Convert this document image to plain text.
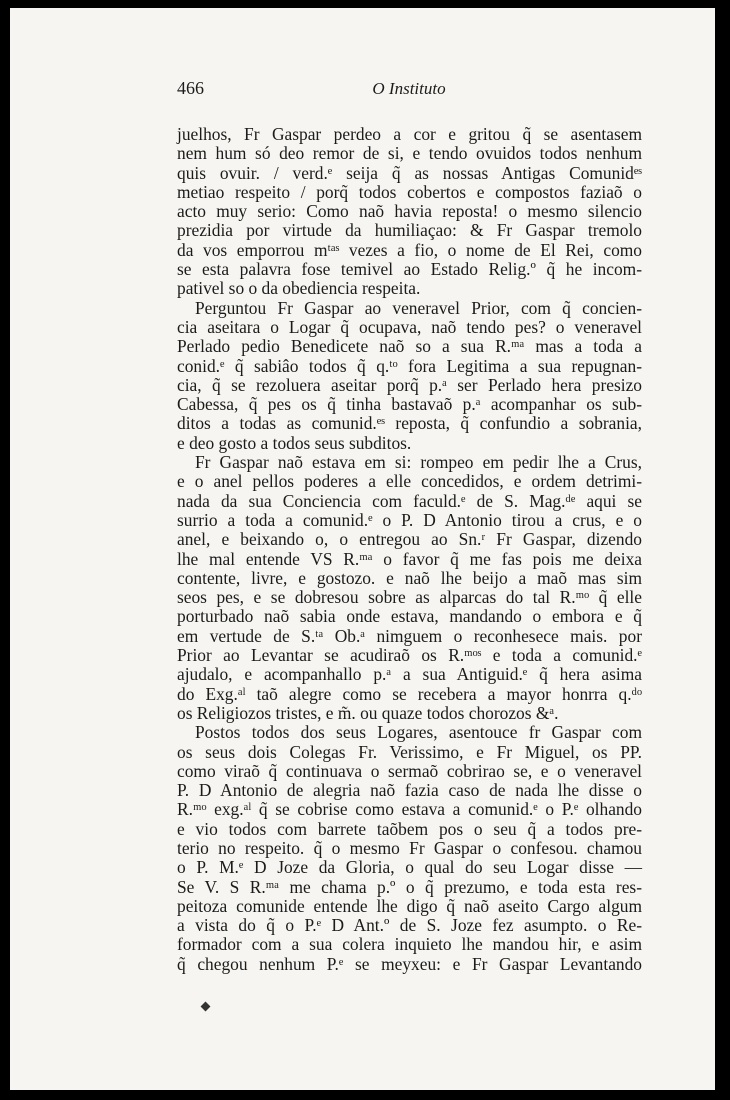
466	O Instituto
juelhos, Fr Gaspar perdeo a cor e gritou q̃ se asentasem
nem hum só deo remor de si, e tendo ovuidos todos nenhum
quis ovuir. / verd.ᵉ seija q̃ as nossas Antigas Comunidᵉˢ
metiao respeito / porq̃ todos cobertos e compostos faziaõ o
acto muy serio: Como naõ havia reposta! o mesmo silencio
prezidia por virtude da humiliaçao: & Fr Gaspar tremolo
da vos emporrou mᵗᵃˢ vezes a fio, o nome de El Rei, como
se esta palavra fose temivel ao Estado Relig.º q̃ he incom-
pativel so o da obediencia respeita.
Perguntou Fr Gaspar ao veneravel Prior, com q̃ concien-
cia aseitara o Logar q̃ ocupava, naõ tendo pes? o veneravel
Perlado pedio Benedicete naõ so a sua R.ᵐᵃ mas a toda a
conid.ᵉ q̃ sabiâo todos q̃ q.ᵗᵒ fora Legitima a sua repugnan-
cia, q̃ se rezoluera aseitar porq̃ p.ᵃ ser Perlado hera presizo
Cabessa, q̃ pes os q̃ tinha bastavaõ p.ᵃ acompanhar os sub-
ditos a todas as comunid.ᵉˢ reposta, q̃ confundio a sobrania,
e deo gosto a todos seus subditos.
Fr Gaspar naõ estava em si: rompeo em pedir lhe a Crus,
e o anel pellos poderes a elle concedidos, e ordem detrimi-
nada da sua Conciencia com faculd.ᵉ de S. Mag.ᵈᵉ aqui se
surrio a toda a comunid.ᵉ o P. D Antonio tirou a crus, e o
anel, e beixando o, o entregou ao Sn.ʳ Fr Gaspar, dizendo
lhe mal entende VS R.ᵐᵃ o favor q̃ me fas pois me deixa
contente, livre, e gostozo. e naõ lhe beijo a maõ mas sim
seos pes, e se dobresou sobre as alparcas do tal R.ᵐᵒ q̃ elle
porturbado naõ sabia onde estava, mandando o embora e q̃
em vertude de S.ᵗᵃ Ob.ᵃ nimguem o reconhesece mais. por
Prior ao Levantar se acudirаõ os R.ᵐᵒˢ e toda a comunid.ᵉ
ajudalo, e acompanhallo p.ᵃ a sua Antiguid.ᵉ q̃ hera asima
do Exg.ᵃˡ taõ alegre como se recebera a mayor honrra q.ᵈᵒ
os Religiozos tristes, e m̃. ou quaze todos chorozos &ᵃ.
Postos todos dos seus Logares, asentouce fr Gaspar com
os seus dois Colegas Fr. Verissimo, e Fr Miguel, os PP.
como viraõ q̃ continuava o sermaõ cobrirao se, e o veneravel
P. D Antonio de alegria naõ fazia caso de nada lhe disse o
R.ᵐᵒ exg.ᵃˡ q̃ se cobrise como estava a comunid.ᵉ o P.ᵉ olhando
e vio todos com barrete taõbem pos o seu q̃ a todos pre-
terio no respeito. q̃ o mesmo Fr Gaspar o confesou. chamou
o P. M.ᵉ D Joze da Gloria, o qual do seu Logar disse —
Se V. S R.ᵐᵃ me chama p.º o q̃ prezumo, e toda esta res-
peitoza comunide entende lhe digo q̃ naõ aseito Cargo algum
a vista do q̃ o P.ᵉ D Ant.º de S. Joze fez asumpto. o Re-
formador com a sua colera inquieto lhe mandou hir, e asim
q̃ chegou nenhum P.ᵉ se meyxeu: e Fr Gaspar Levantando
